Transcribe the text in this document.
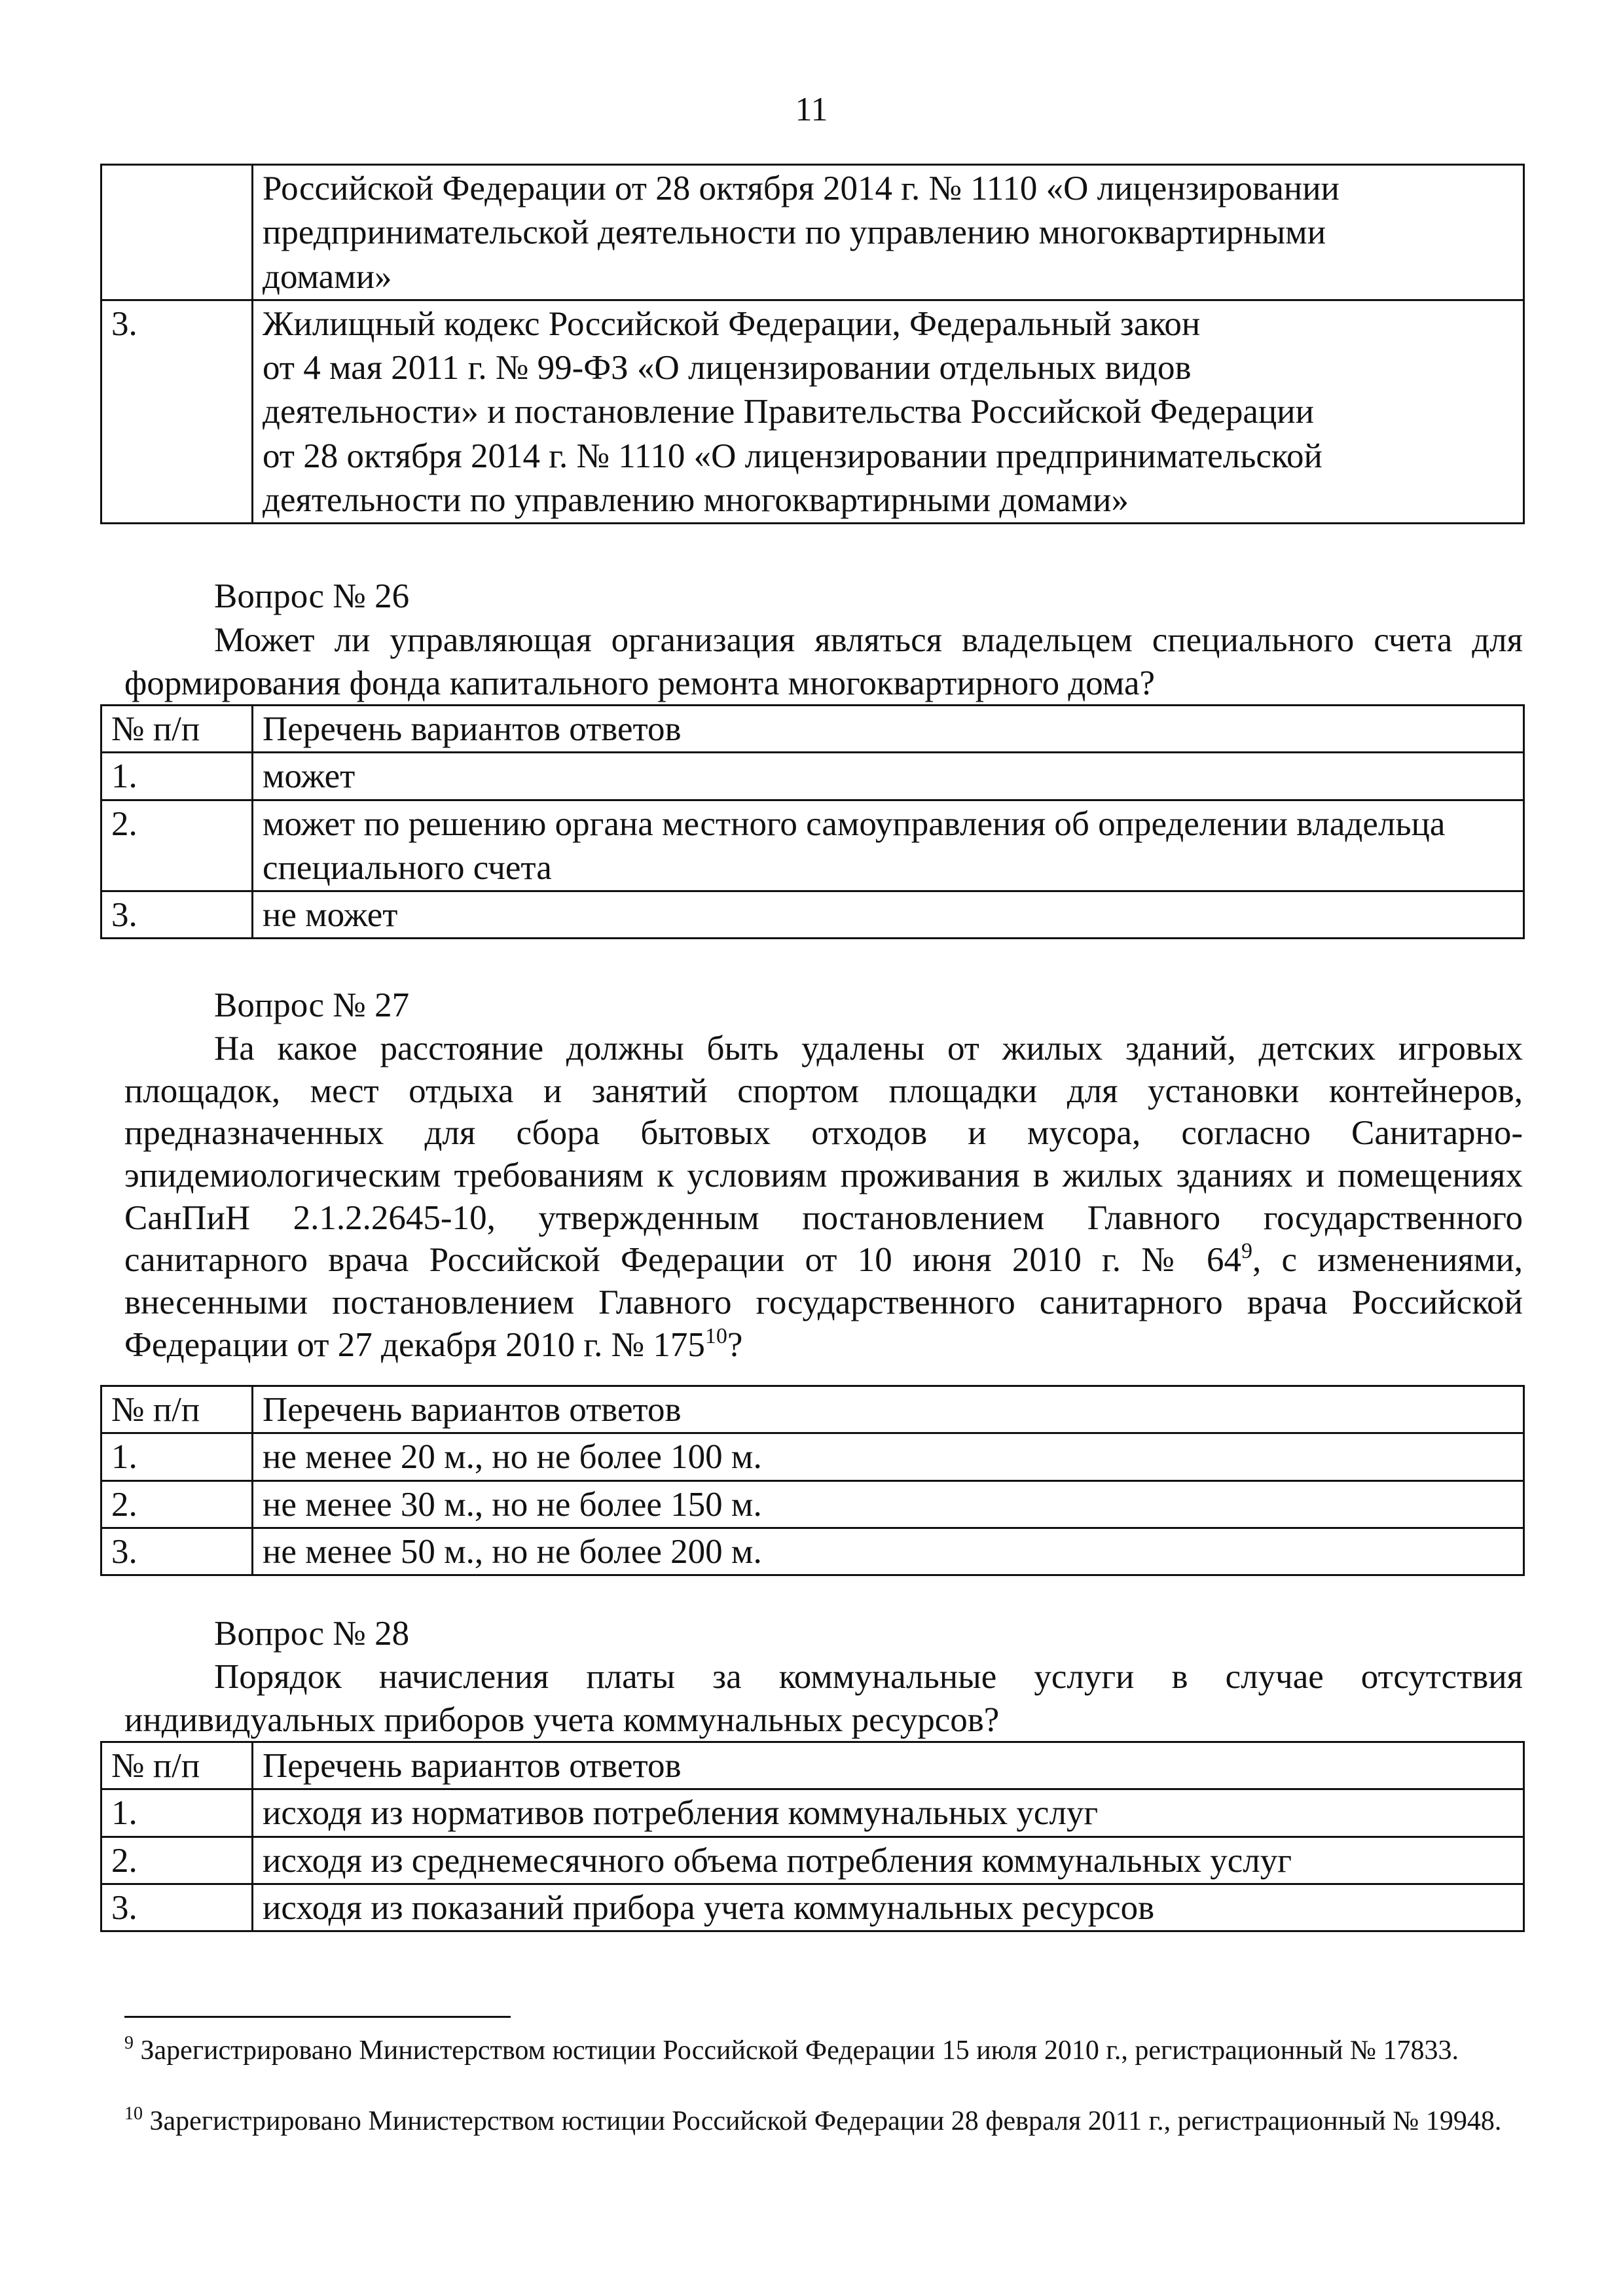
11

	Российской Федерации от 28 октября 2014 г. № 1110 «О лицензировании
предпринимательской деятельности по управлению многоквартирными
домами»

3.	Жилищный кодекс Российской Федерации, Федеральный закон
от 4 мая 2011 г. № 99-ФЗ «О лицензировании отдельных видов
деятельности» и постановление Правительства Российской Федерации
от 28 октября 2014 г. № 1110 «О лицензировании предпринимательской
деятельности по управлению многоквартирными домами»
Вопрос № 26
Может ли управляющая организация являться владельцем специального счета для формирования фонда капитального ремонта многоквартирного дома?
№ п/п	Перечень вариантов ответов
1.	может
2.	может по решению органа местного самоуправления об определении владельца специального счета
3.	не может
Вопрос № 27
На какое расстояние должны быть удалены от жилых зданий, детских игровых площадок, мест отдыха и занятий спортом площадки для установки контейнеров, предназначенных для сбора бытовых отходов и мусора, согласно Санитарно-эпидемиологическим требованиям к условиям проживания в жилых зданиях и помещениях СанПиН 2.1.2.2645-10, утвержденным постановлением Главного государственного санитарного врача Российской Федерации от 10 июня 2010 г. № $64^9$, с изменениями, внесенными постановлением Главного государственного санитарного врача Российской Федерации от 27 декабря 2010 г. № $175^{10}$?
№ п/п	Перечень вариантов ответов
1.	не менее 20 м., но не более 100 м.
2.	не менее 30 м., но не более 150 м.
3.	не менее 50 м., но не более 200 м.
Вопрос № 28
Порядок начисления платы за коммунальные услуги в случае отсутствия индивидуальных приборов учета коммунальных ресурсов?
№ п/п	Перечень вариантов ответов
1.	исходя из нормативов потребления коммунальных услуг
2.	исходя из среднемесячного объема потребления коммунальных услуг
3.	исходя из показаний прибора учета коммунальных ресурсов
$^9$ Зарегистрировано Министерством юстиции Российской Федерации 15 июля 2010 г., регистрационный № 17833.
$^{10}$ Зарегистрировано Министерством юстиции Российской Федерации 28 февраля 2011 г., регистрационный № 19948.
